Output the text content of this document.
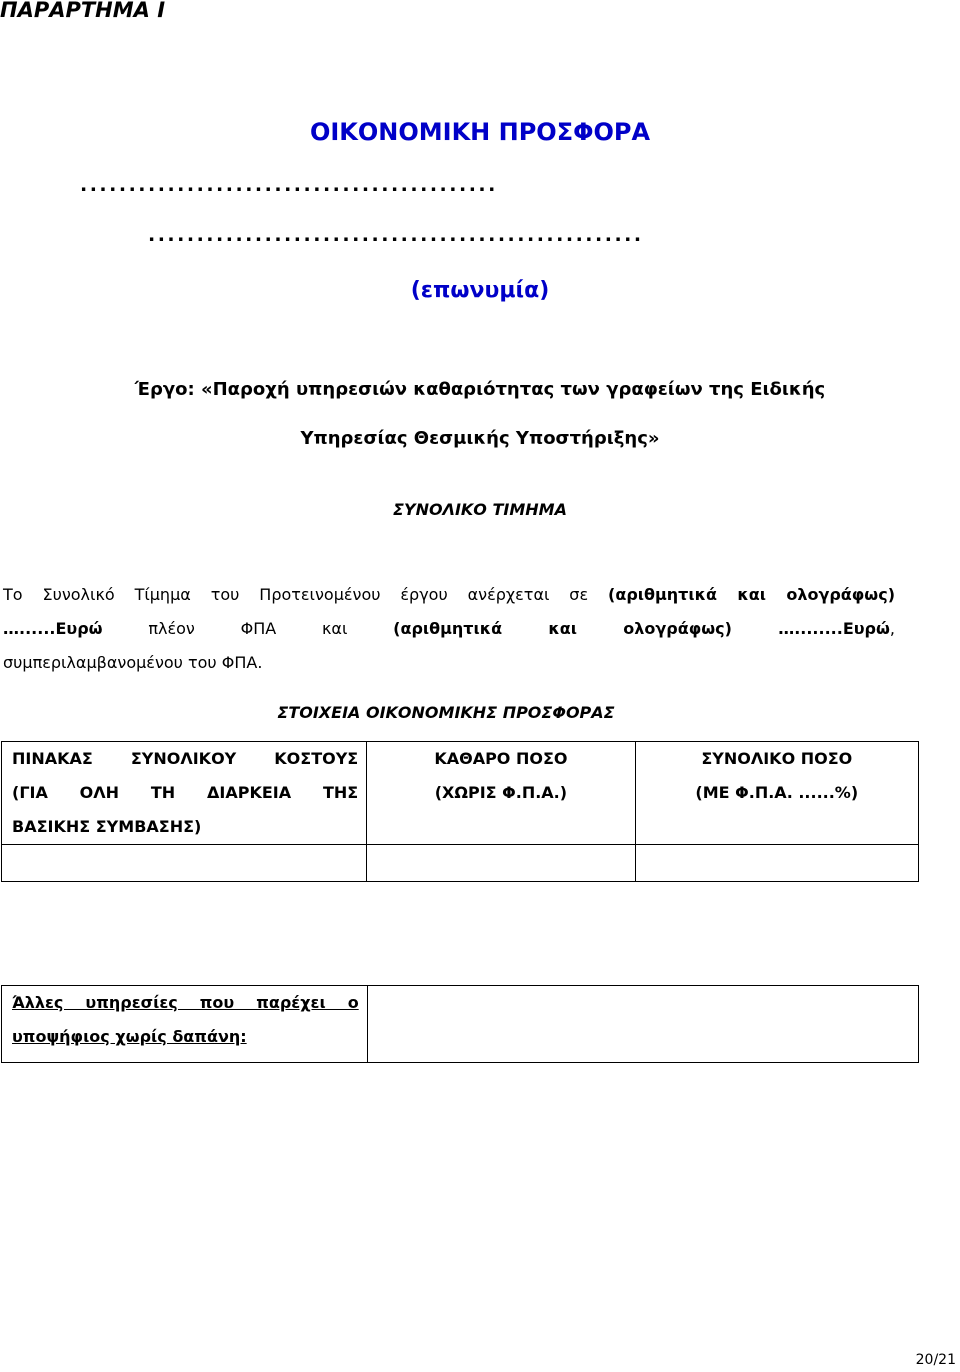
ΠΑΡΑΡΤΗΜΑ Ι
ΟΙΚΟΝΟΜΙΚΗ ΠΡΟΣΦΟΡΑ
...........................................
...................................................
(επωνυμία)
Έργο: «Παροχή υπηρεσιών καθαριότητας των γραφείων της Ειδικής
Υπηρεσίας Θεσμικής Υποστήριξης»
ΣΥΝΟΛΙΚΟ ΤΙΜΗΜΑ
Το Συνολικό Τίμημα του Προτεινομένου έργου ανέρχεται σε (αριθμητικά και ολογράφως)
…......Ευρώ πλέον ΦΠΑ και (αριθμητικά και ολογράφως) …........Ευρώ,
συμπεριλαμβανομένου του ΦΠΑ.
ΣΤΟΙΧΕΙΑ ΟΙΚΟΝΟΜΙΚΗΣ ΠΡΟΣΦΟΡΑΣ
ΠΙΝΑΚΑΣ ΣΥΝΟΛΙΚΟΥ ΚΟΣΤΟΥΣ
(ΓΙΑ ΟΛΗ ΤΗ ΔΙΑΡΚΕΙΑ ΤΗΣ
ΒΑΣΙΚΗΣ ΣΥΜΒΑΣΗΣ)	ΚΑΘΑΡΟ ΠΟΣΟ
(ΧΩΡΙΣ Φ.Π.Α.)	ΣΥΝΟΛΙΚΟ ΠΟΣΟ
(ΜΕ Φ.Π.Α. ......%)

Άλλες υπηρεσίες που παρέχει ο
υποψήφιος χωρίς δαπάνη:

20/21
